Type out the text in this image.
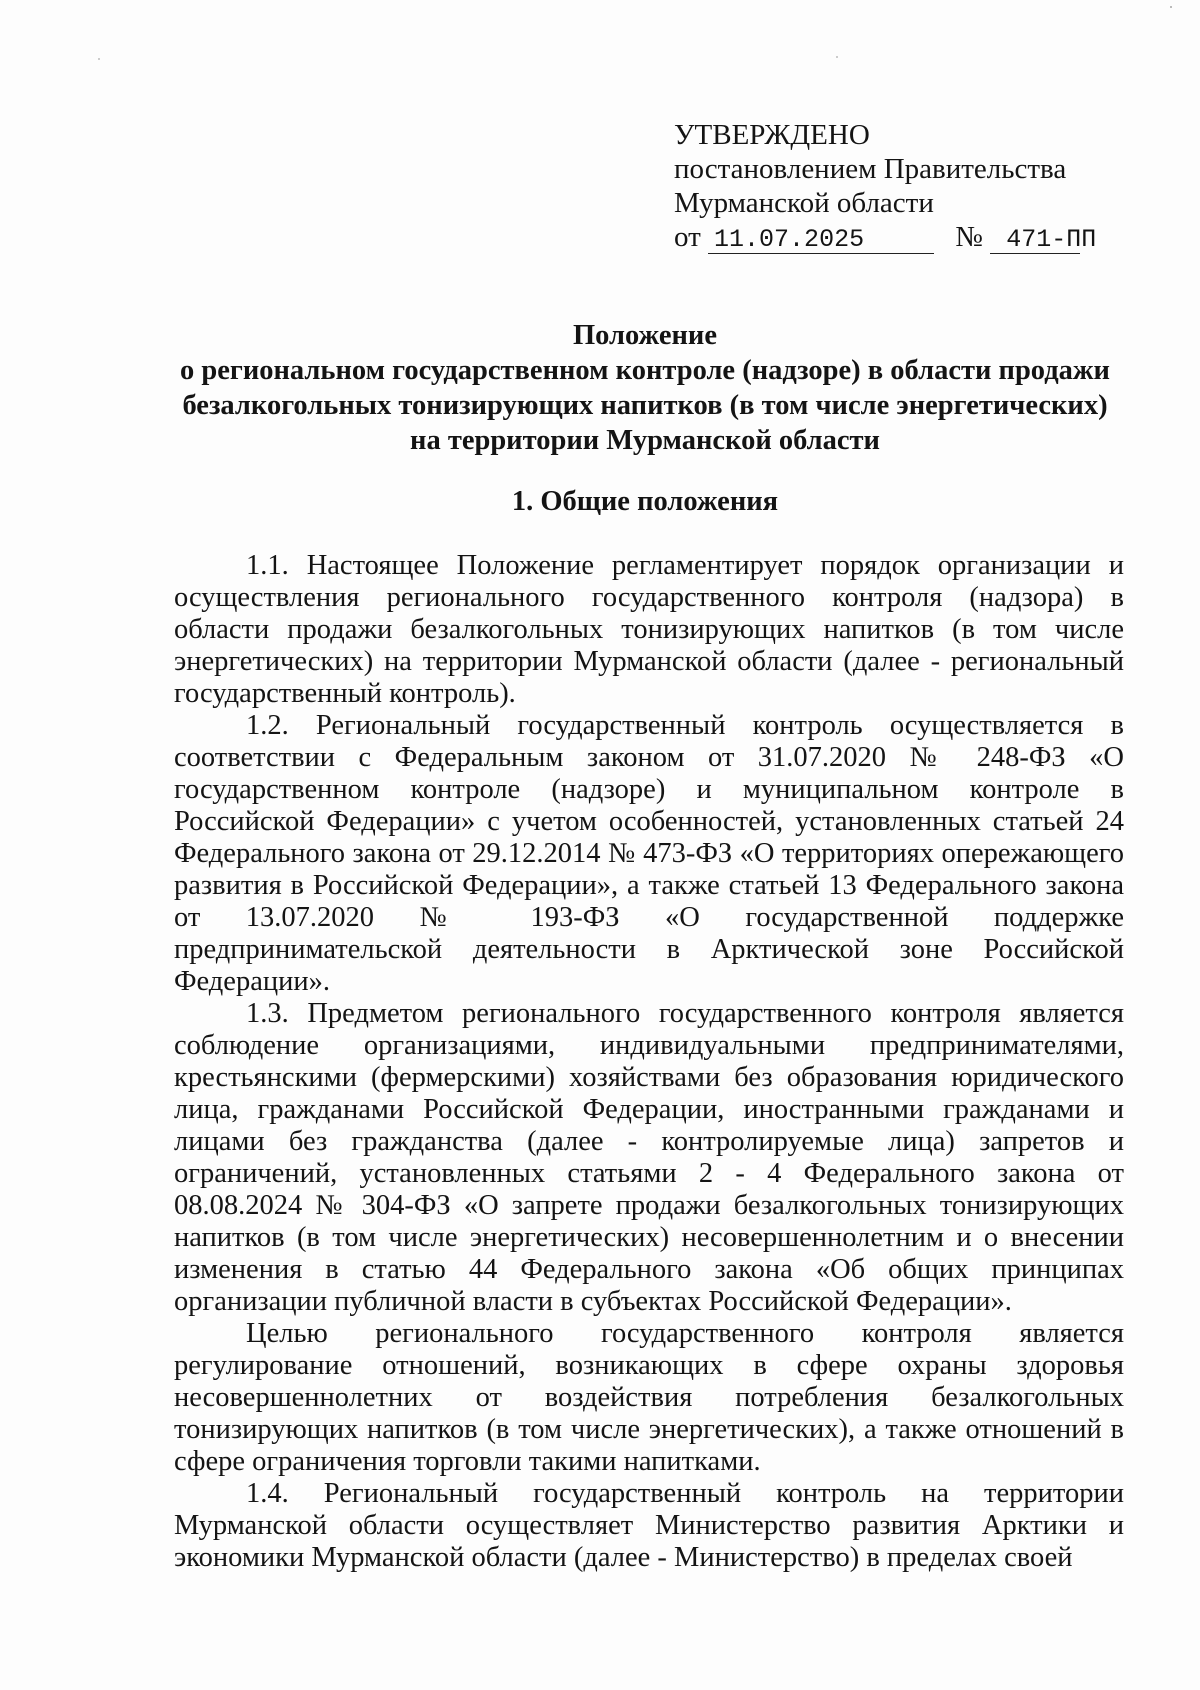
УТВЕРЖДЕНО
постановлением Правительства
Мурманской области
от 11.07.2025	№ 471-ПП
Положение
о региональном государственном контроле (надзоре) в области продажи
безалкогольных тонизирующих напитков (в том числе энергетических)
на территории Мурманской области
1. Общие положения

1.1. Настоящее Положение регламентирует порядок организации и осуществления регионального государственного контроля (надзора) в области продажи безалкогольных тонизирующих напитков (в том числе энергетических) на территории Мурманской области (далее - региональный государственный контроль).

1.2. Региональный государственный контроль осуществляется в соответствии с Федеральным законом от 31.07.2020 № 248-ФЗ «О государственном контроле (надзоре) и муниципальном контроле в Российской Федерации» с учетом особенностей, установленных статьей 24 Федерального закона от 29.12.2014 № 473-ФЗ «О территориях опережающего развития в Российской Федерации», а также статьей 13 Федерального закона от 13.07.2020 № 193-ФЗ «О государственной поддержке предпринимательской деятельности в Арктической зоне Российской Федерации».

1.3. Предметом регионального государственного контроля является соблюдение организациями, индивидуальными предпринимателями, крестьянскими (фермерскими) хозяйствами без образования юридического лица, гражданами Российской Федерации, иностранными гражданами и лицами без гражданства (далее - контролируемые лица) запретов и ограничений, установленных статьями 2 - 4 Федерального закона от 08.08.2024 № 304-ФЗ «О запрете продажи безалкогольных тонизирующих напитков (в том числе энергетических) несовершеннолетним и о внесении изменения в статью 44 Федерального закона «Об общих принципах организации публичной власти в субъектах Российской Федерации».

Целью регионального государственного контроля является регулирование отношений, возникающих в сфере охраны здоровья несовершеннолетних от воздействия потребления безалкогольных тонизирующих напитков (в том числе энергетических), а также отношений в сфере ограничения торговли такими напитками.

1.4. Региональный государственный контроль на территории Мурманской области осуществляет Министерство развития Арктики и экономики Мурманской области (далее - Министерство) в пределах своей
